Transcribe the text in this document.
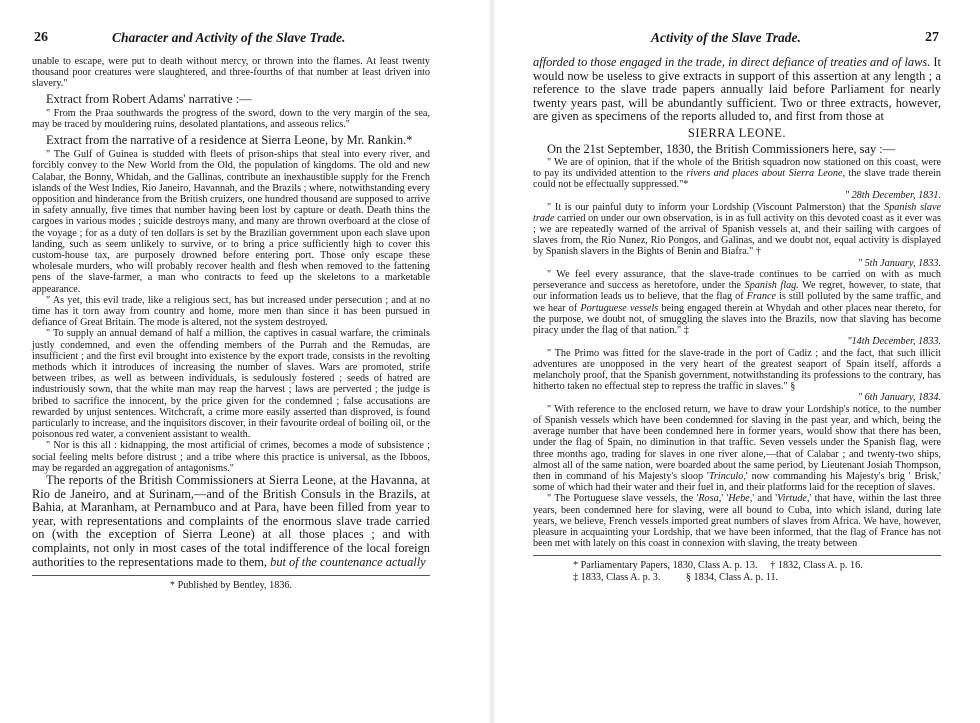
26	Character and Activity of the Slave Trade.

unable to escape, were put to death without mercy, or thrown into the flames. At least twenty thousand poor creatures were slaughtered, and three-fourths of that number at least driven into slavery."

Extract from Robert Adams' narrative :—

" From the Praa southwards the progress of the sword, down to the very margin of the sea, may be traced by mouldering ruins, desolated plantations, and asseous relics."

Extract from the narrative of a residence at Sierra Leone, by Mr. Rankin.*

" The Gulf of Guinea is studded with fleets of prison-ships that steal into every river, and forcibly convey to the New World from the Old, the population of kingdoms. The old and new Calabar, the Bonny, Whidah, and the Gallinas, contribute an inexhaustible supply for the French islands of the West Indies, Rio Janeiro, Havannah, and the Brazils ; where, notwithstanding every opposition and hinderance from the British cruizers, one hundred thousand are supposed to arrive in safety annually, five times that number having been lost by capture or death. Death thins the cargoes in various modes ; suicide destroys many, and many are thrown overboard at the close of the voyage ; for as a duty of ten dollars is set by the Brazilian government upon each slave upon landing, such as seem unlikely to survive, or to bring a price sufficiently high to cover this custom-house tax, are purposely drowned before entering port. Those only escape these wholesale murders, who will probably recover health and flesh when removed to the fattening pens of the slave-farmer, a man who contracts to feed up the skeletons to a marketable appearance.

" As yet, this evil trade, like a religious sect, has but increased under persecution ; and at no time has it torn away from country and home, more men than since it has been pursued in defiance of Great Britain. The mode is altered, not the system destroyed.

" To supply an annual demand of half a million, the captives in casual warfare, the criminals justly condemned, and even the offending members of the Purrah and the Remudas, are insufficient ; and the first evil brought into existence by the export trade, consists in the revolting methods which it introduces of increasing the number of slaves. Wars are promoted, strife between tribes, as well as between individuals, is sedulously fostered ; seeds of hatred are industriously sown, that the white man may reap the harvest ; laws are perverted ; the judge is bribed to sacrifice the innocent, by the price given for the condemned ; false accusations are rewarded by unjust sentences. Witchcraft, a crime more easily asserted than disproved, is found particularly to increase, and the inquisitors discover, in their favourite ordeal of boiling oil, or the poisonous red water, a convenient assistant to wealth.

" Nor is this all : kidnapping, the most artificial of crimes, becomes a mode of subsistence ; social feeling melts before distrust ; and a tribe where this practice is universal, as the Ibboos, may be regarded an aggregation of antagonisms."

The reports of the British Commissioners at Sierra Leone, at the Havanna, at Rio de Janeiro, and at Surinam,—and of the British Consuls in the Brazils, at Bahia, at Maranham, at Pernambuco and at Para, have been filled from year to year, with representations and complaints of the enormous slave trade carried on (with the exception of Sierra Leone) at all those places ; and with complaints, not only in most cases of the total indifference of the local foreign authorities to the representations made to them, but of the countenance actually

* Published by Bentley, 1836.

Activity of the Slave Trade.	27

afforded to those engaged in the trade, in direct defiance of treaties and of laws. It would now be useless to give extracts in support of this assertion at any length ; a reference to the slave trade papers annually laid before Parliament for nearly twenty years past, will be abundantly sufficient. Two or three extracts, however, are given as specimens of the reports alluded to, and first from those at

SIERRA LEONE.

On the 21st September, 1830, the British Commissioners here, say :—

" We are of opinion, that if the whole of the British squadron now stationed on this coast, were to pay its undivided attention to the rivers and places about Sierra Leone, the slave trade therein could not be effectually suppressed."*

" 28th December, 1831.

" It is our painful duty to inform your Lordship (Viscount Palmerston) that the Spanish slave trade carried on under our own observation, is in as full activity on this devoted coast as it ever was ; we are repeatedly warned of the arrival of Spanish vessels at, and their sailing with cargoes of slaves from, the Rio Nunez, Rio Pongos, and Galinas, and we doubt not, equal activity is displayed by Spanish slavers in the Bights of Benin and Biafra." †

" 5th January, 1833.

" We feel every assurance, that the slave-trade continues to be carried on with as much perseverance and success as heretofore, under the Spanish flag. We regret, however, to state, that our information leads us to believe, that the flag of France is still polluted by the same traffic, and we hear of Portuguese vessels being engaged therein at Whydah and other places near thereto, for the purpose, we doubt not, of smuggling the slaves into the Brazils, now that slaving has become piracy under the flag of that nation." ‡

"14th December, 1833.

" The Primo was fitted for the slave-trade in the port of Cadiz ; and the fact, that such illicit adventures are unopposed in the very heart of the greatest seaport of Spain itself, affords a melancholy proof, that the Spanish government, notwithstanding its professions to the contrary, has hitherto taken no effectual step to repress the traffic in slaves." §

" 6th January, 1834.

" With reference to the enclosed return, we have to draw your Lordship's notice, to the number of Spanish vessels which have been condemned for slaving in the past year, and which, being the average number that have been condemned here in former years, would show that there has been, under the flag of Spain, no diminution in that traffic. Seven vessels under the Spanish flag, were three months ago, trading for slaves in one river alone,—that of Calabar ; and twenty-two ships, almost all of the same nation, were boarded about the same period, by Lieutenant Josiah Thompson, then in command of his Majesty's sloop 'Trinculo,' now commanding his Majesty's brig ' Brisk,' some of which had their water and their fuel in, and their platforms laid for the reception of slaves.

" The Portuguese slave vessels, the 'Rosa,' 'Hebe,' and 'Virtude,' that have, within the last three years, been condemned here for slaving, were all bound to Cuba, into which island, during late years, we believe, French vessels imported great numbers of slaves from Africa. We have, however, pleasure in acquainting your Lordship, that we have been informed, that the flag of France has not been met with lately on this coast in connexion with slaving, the treaty between

* Parliamentary Papers, 1830, Class A. p. 13.     † 1832, Class A. p. 16.

‡ 1833, Class A. p. 3.          § 1834, Class A. p. 11.
